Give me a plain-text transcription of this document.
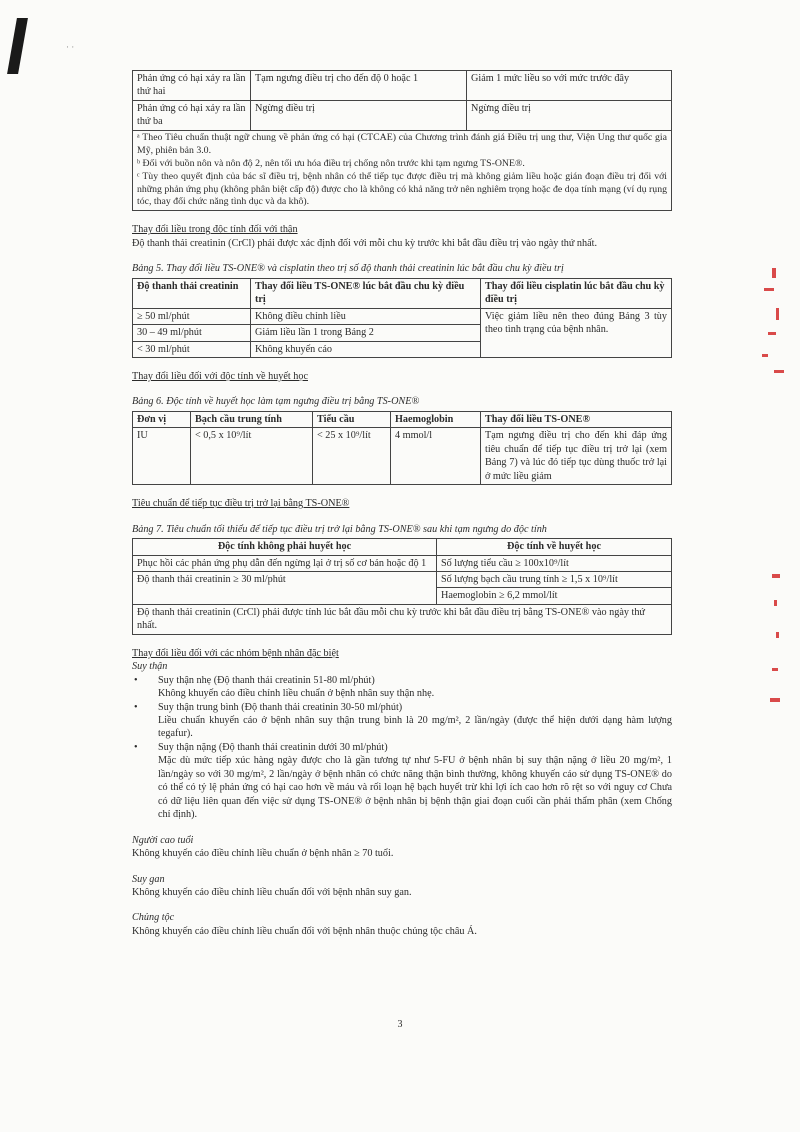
· ·
Phản ứng có hại xảy ra lần thứ hai	Tạm ngưng điều trị cho đến độ 0 hoặc 1	Giảm 1 mức liều so với mức trước đây
Phản ứng có hại xảy ra lần thứ ba	Ngừng điều trị	Ngừng điều trị

ᵃ Theo Tiêu chuẩn thuật ngữ chung về phản ứng có hại (CTCAE) của Chương trình đánh giá Điều trị ung thư, Viện Ung thư quốc gia Mỹ, phiên bản 3.0.

ᵇ Đối với buồn nôn và nôn độ 2, nên tối ưu hóa điều trị chống nôn trước khi tạm ngưng TS-ONE®.

ᶜ Tùy theo quyết định của bác sĩ điều trị, bệnh nhân có thể tiếp tục được điều trị mà không giảm liều hoặc gián đoạn điều trị đối với những phản ứng phụ (không phân biệt cấp độ) được cho là không có khả năng trở nên nghiêm trọng hoặc đe dọa tính mạng (ví dụ rụng tóc, thay đổi chức năng tình dục và da khô).

Thay đổi liều trong độc tính đối với thận

Độ thanh thải creatinin (CrCl) phải được xác định đối với mỗi chu kỳ trước khi bắt đầu điều trị vào ngày thứ nhất.

Bảng 5. Thay đổi liều TS-ONE® và cisplatin theo trị số độ thanh thải creatinin lúc bắt đầu chu kỳ điều trị

Độ thanh thải creatinin	Thay đổi liều TS-ONE® lúc bắt đầu chu kỳ điều trị	Thay đổi liều cisplatin lúc bắt đầu chu kỳ điều trị
≥ 50 ml/phút	Không điều chỉnh liều	Việc giảm liều nên theo đúng Bảng 3 tùy theo tình trạng của bệnh nhân.
30 – 49 ml/phút	Giảm liều lần 1 trong Bảng 2	
< 30 ml/phút	Không khuyến cáo	

Thay đổi liều đối với độc tính về huyết học

Bảng 6. Độc tính về huyết học làm tạm ngưng điều trị bằng TS-ONE®

Đơn vị	Bạch cầu trung tính	Tiểu cầu	Haemoglobin	Thay đổi liều TS-ONE®
IU	< 0,5 x 10⁹/lít	< 25 x 10⁹/lít	4 mmol/l	Tạm ngưng điều trị cho đến khi đáp ứng tiêu chuẩn để tiếp tục điều trị trở lại (xem Bảng 7) và lúc đó tiếp tục dùng thuốc trở lại ở mức liều giảm

Tiêu chuẩn để tiếp tục điều trị trở lại bằng TS-ONE®

Bảng 7. Tiêu chuẩn tối thiểu để tiếp tục điều trị trở lại bằng TS-ONE® sau khi tạm ngưng do độc tính

Độc tính không phải huyết học	Độc tính về huyết học
Phục hồi các phản ứng phụ dẫn đến ngừng lại ở trị số cơ bản hoặc độ 1	Số lượng tiểu cầu ≥ 100x10⁹/lít
Độ thanh thải creatinin ≥ 30 ml/phút	Số lượng bạch cầu trung tính ≥ 1,5 x 10⁹/lít
	Haemoglobin ≥ 6,2 mmol/lít
Độ thanh thải creatinin (CrCl) phải được tính lúc bắt đầu mỗi chu kỳ trước khi bắt đầu điều trị bằng TS-ONE® vào ngày thứ nhất.	

Thay đổi liều đối với các nhóm bệnh nhân đặc biệt

Suy thận

• Suy thận nhẹ (Độ thanh thải creatinin 51-80 ml/phút)

Không khuyến cáo điều chỉnh liều chuẩn ở bệnh nhân suy thận nhẹ.

• Suy thận trung bình (Độ thanh thải creatinin 30-50 ml/phút)

Liều chuẩn khuyến cáo ở bệnh nhân suy thận trung bình là 20 mg/m², 2 lần/ngày (được thể hiện dưới dạng hàm lượng tegafur).

• Suy thận nặng (Độ thanh thải creatinin dưới 30 ml/phút)

Mặc dù mức tiếp xúc hàng ngày được cho là gần tương tự như 5-FU ở bệnh nhân bị suy thận nặng ở liều 20 mg/m², 1 lần/ngày so với 30 mg/m², 2 lần/ngày ở bệnh nhân có chức năng thận bình thường, không khuyến cáo sử dụng TS-ONE® do có thể có tỷ lệ phản ứng có hại cao hơn về máu và rối loạn hệ bạch huyết trừ khi lợi ích cao hơn rõ rệt so với nguy cơ Chưa có dữ liệu liên quan đến việc sử dụng TS-ONE® ở bệnh nhân bị bệnh thận giai đoạn cuối cần phải thẩm phân (xem Chống chỉ định).

Người cao tuổi

Không khuyến cáo điều chỉnh liều chuẩn ở bệnh nhân ≥ 70 tuổi.

Suy gan

Không khuyến cáo điều chỉnh liều chuẩn đối với bệnh nhân suy gan.

Chủng tộc

Không khuyến cáo điều chỉnh liều chuẩn đối với bệnh nhân thuộc chủng tộc châu Á.

3
